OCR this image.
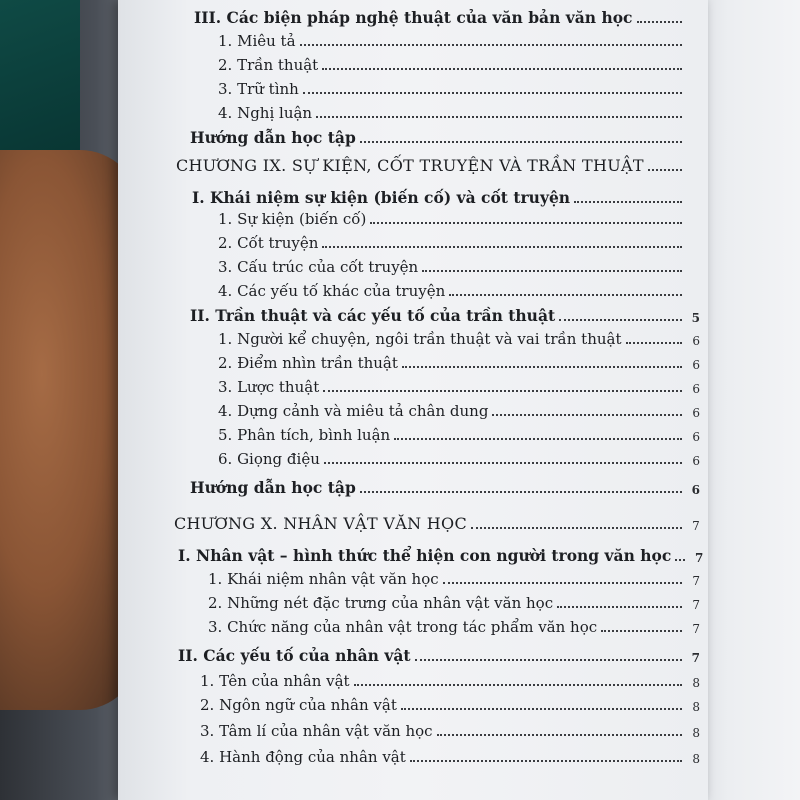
III. Các biện pháp nghệ thuật của văn bản văn học
1. Miêu tả
2. Trần thuật
3. Trữ tình
4. Nghị luận
Hướng dẫn học tập
CHƯƠNG IX. SỰ KIỆN, CỐT TRUYỆN VÀ TRẦN THUẬT
I. Khái niệm sự kiện (biến cố) và cốt truyện
1. Sự kiện (biến cố)
2. Cốt truyện
3. Cấu trúc của cốt truyện
4. Các yếu tố khác của truyện
II. Trần thuật và các yếu tố của trần thuật	5
1. Người kể chuyện, ngôi trần thuật và vai trần thuật	6
2. Điểm nhìn trần thuật	6
3. Lược thuật	6
4. Dựng cảnh và miêu tả chân dung	6
5. Phân tích, bình luận	6
6. Giọng điệu	6
Hướng dẫn học tập	6
CHƯƠNG X. NHÂN VẬT VĂN HỌC	7
I. Nhân vật – hình thức thể hiện con người trong văn học	7
1. Khái niệm nhân vật văn học	7
2. Những nét đặc trưng của nhân vật văn học	7
3. Chức năng của nhân vật trong tác phẩm văn học	7
II. Các yếu tố của nhân vật	7
1. Tên của nhân vật	8
2. Ngôn ngữ của nhân vật	8
3. Tâm lí của nhân vật văn học	8
4. Hành động của nhân vật	8
